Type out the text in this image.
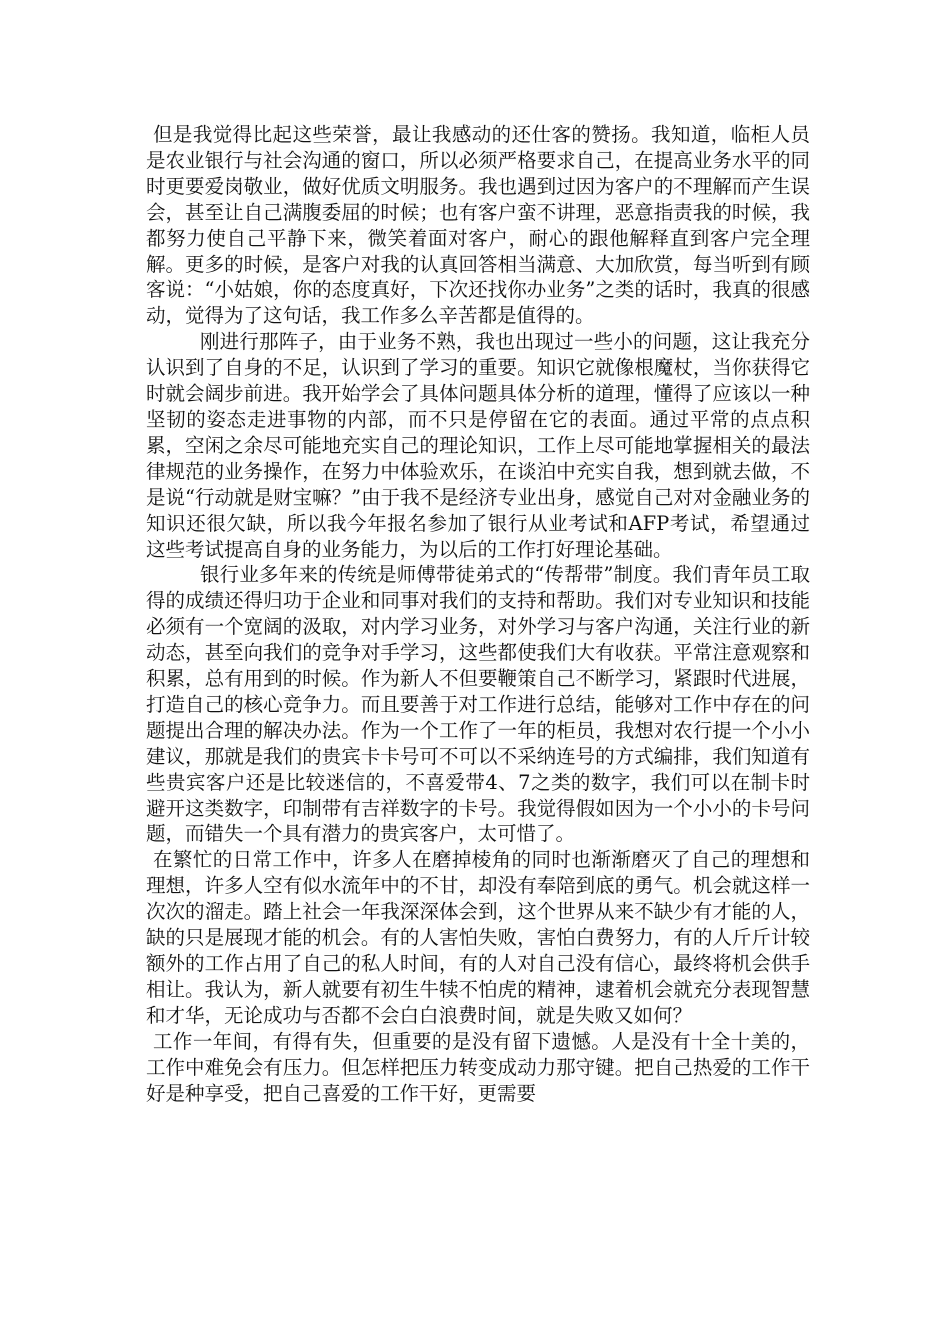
但是我觉得比起这些荣誉，最让我感动的还仕客的赞扬。我知道，临柜人员是农业银行与社会沟通的窗口，所以必须严格要求自己，在提高业务水平的同时更要爱岗敬业，做好优质文明服务。我也遇到过因为客户的不理解而产生误会，甚至让自己满腹委屈的时候；也有客户蛮不讲理，恶意指责我的时候，我都努力使自己平静下来，微笑着面对客户，耐心的跟他解释直到客户完全理解。更多的时候，是客户对我的认真回答相当满意、大加欣赏，每当听到有顾客说：“小姑娘，你的态度真好，下次还找你办业务”之类的话时，我真的很感动，觉得为了这句话，我工作多么辛苦都是值得的。

刚进行那阵子，由于业务不熟，我也出现过一些小的问题，这让我充分认识到了自身的不足，认识到了学习的重要。知识它就像根魔杖，当你获得它时就会阔步前进。我开始学会了具体问题具体分析的道理，懂得了应该以一种坚韧的姿态走进事物的内部，而不只是停留在它的表面。通过平常的点点积累，空闲之余尽可能地充实自己的理论知识，工作上尽可能地掌握相关的最法律规范的业务操作，在努力中体验欢乐，在谈泊中充实自我，想到就去做，不是说“行动就是财宝嘛？”由于我不是经济专业出身，感觉自己对对金融业务的知识还很欠缺，所以我今年报名参加了银行从业考试和AFP考试，希望通过这些考试提高自身的业务能力，为以后的工作打好理论基础。

银行业多年来的传统是师傅带徒弟式的“传帮带”制度。我们青年员工取得的成绩还得归功于企业和同事对我们的支持和帮助。我们对专业知识和技能必须有一个宽阔的汲取，对内学习业务，对外学习与客户沟通，关注行业的新动态，甚至向我们的竞争对手学习，这些都使我们大有收获。平常注意观察和积累，总有用到的时候。作为新人不但要鞭策自己不断学习，紧跟时代进展，打造自己的核心竞争力。而且要善于对工作进行总结，能够对工作中存在的问题提出合理的解决办法。作为一个工作了一年的柜员，我想对农行提一个小小建议，那就是我们的贵宾卡卡号可不可以不采纳连号的方式编排，我们知道有些贵宾客户还是比较迷信的，不喜爱带4、7之类的数字，我们可以在制卡时避开这类数字，印制带有吉祥数字的卡号。我觉得假如因为一个小小的卡号问题，而错失一个具有潜力的贵宾客户，太可惜了。

在繁忙的日常工作中，许多人在磨掉棱角的同时也渐渐磨灭了自己的理想和理想，许多人空有似水流年中的不甘，却没有奉陪到底的勇气。机会就这样一次次的溜走。踏上社会一年我深深体会到，这个世界从来不缺少有才能的人，缺的只是展现才能的机会。有的人害怕失败，害怕白费努力，有的人斤斤计较额外的工作占用了自己的私人时间，有的人对自己没有信心，最终将机会供手相让。我认为，新人就要有初生牛犊不怕虎的精神，逮着机会就充分表现智慧和才华，无论成功与否都不会白白浪费时间，就是失败又如何？

工作一年间，有得有失，但重要的是没有留下遗憾。人是没有十全十美的，工作中难免会有压力。但怎样把压力转变成动力那守键。把自己热爱的工作干好是种享受，把自己喜爱的工作干好，更需要
